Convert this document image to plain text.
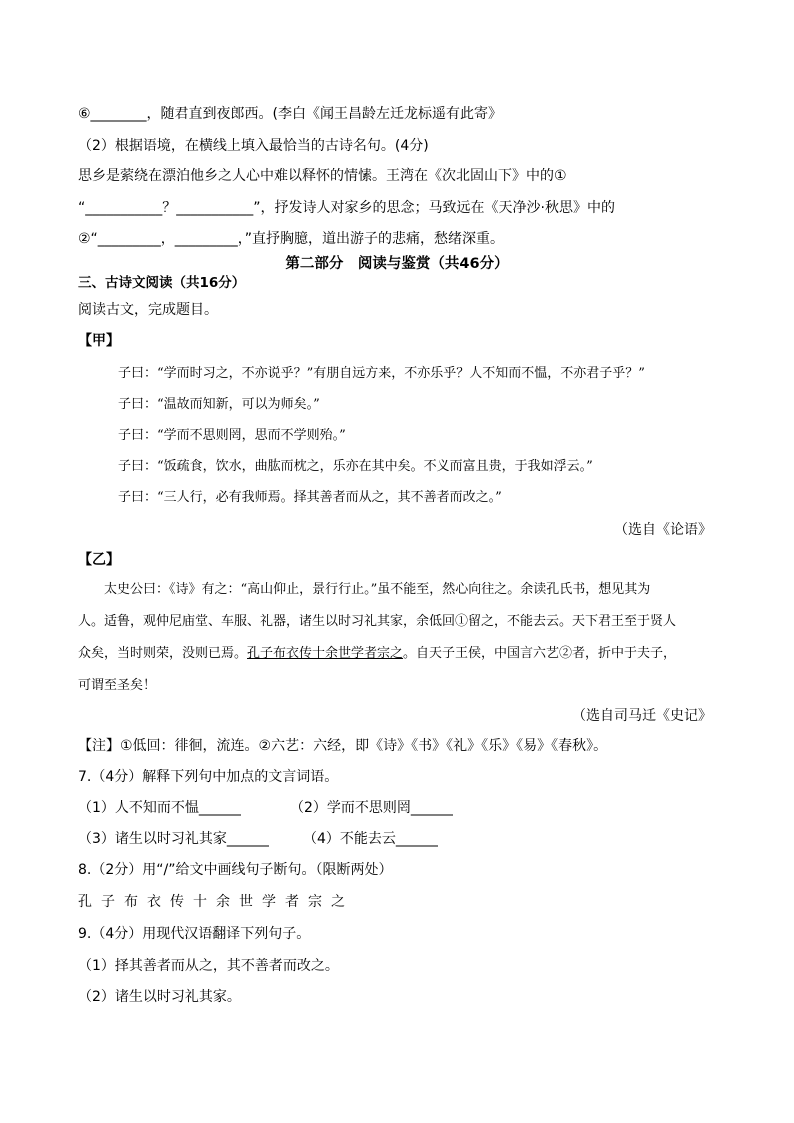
⑥________，随君直到夜郎西。(李白《闻王昌龄左迁龙标遥有此寄》
（2）根据语境，在横线上填入最恰当的古诗名句。(4分)
思乡是萦绕在漂泊他乡之人心中难以释怀的情愫。王湾在《次北固山下》中的①
“___________？___________”，抒发诗人对家乡的思念；马致远在《天净沙·秋思》中的
②“_________，_________，”直抒胸臆，道出游子的悲痛，愁绪深重。
第二部分　阅读与鉴赏（共46分）
三、古诗文阅读（共16分）
阅读古文，完成题目。
【甲】
子曰：“学而时习之，不亦说乎？”有朋自远方来，不亦乐乎？人不知而不愠，不亦君子乎？”
子曰：“温故而知新，可以为师矣。”
子曰：“学而不思则罔，思而不学则殆。”
子曰：“饭疏食，饮水，曲肱而枕之，乐亦在其中矣。不义而富且贵，于我如浮云。”
子曰：“三人行，必有我师焉。择其善者而从之，其不善者而改之。”
（选自《论语》
【乙】
太史公曰：《诗》有之：“高山仰止，景行行止。”虽不能至，然心向往之。余读孔氏书，想见其为
人。适鲁，观仲尼庙堂、车服、礼器，诸生以时习礼其家，余低回①留之，不能去云。天下君王至于贤人
众矣，当时则荣，没则已焉。孔子布衣传十余世学者宗之。自天子王侯，中国言六艺②者，折中于夫子，
可谓至圣矣！
（选自司马迁《史记》
【注】①低回：徘徊，流连。②六艺：六经，即《诗》《书》《礼》《乐》《易》《春秋》。
7.（4分）解释下列句中加点的文言词语。
（1）人不知而不愠______	（2）学而不思则罔______
（3）诸生以时习礼其家______ （4）不能去云______
8.（2分）用“/”给文中画线句子断句。（限断两处）
孔子布衣传十余世学者宗之
9.（4分）用现代汉语翻译下列句子。
（1）择其善者而从之，其不善者而改之。
（2）诸生以时习礼其家。
